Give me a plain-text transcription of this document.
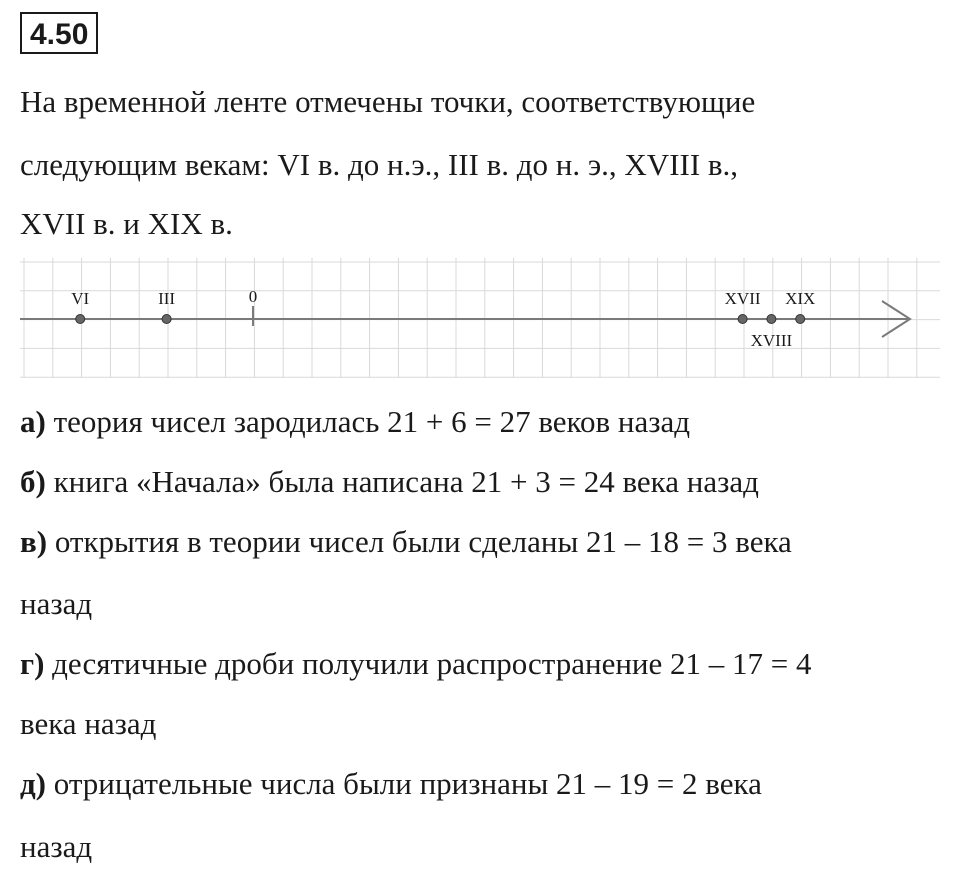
4.50
На временной ленте отмечены точки, соответствующие
следующим векам: VI в. до н.э., III в. до н. э., XVIII в.,
XVII в. и XIX в.
0
VI	III	XVII
XVIII
XIX
а) теория чисел зародилась 21 + 6 = 27 веков назад
б) книга «Начала» была написана 21 + 3 = 24 века назад
в) открытия в теории чисел были сделаны 21 – 18 = 3 века
назад
г) десятичные дроби получили распространение 21 – 17 = 4
века назад
д) отрицательные числа были признаны 21 – 19 = 2 века
назад
